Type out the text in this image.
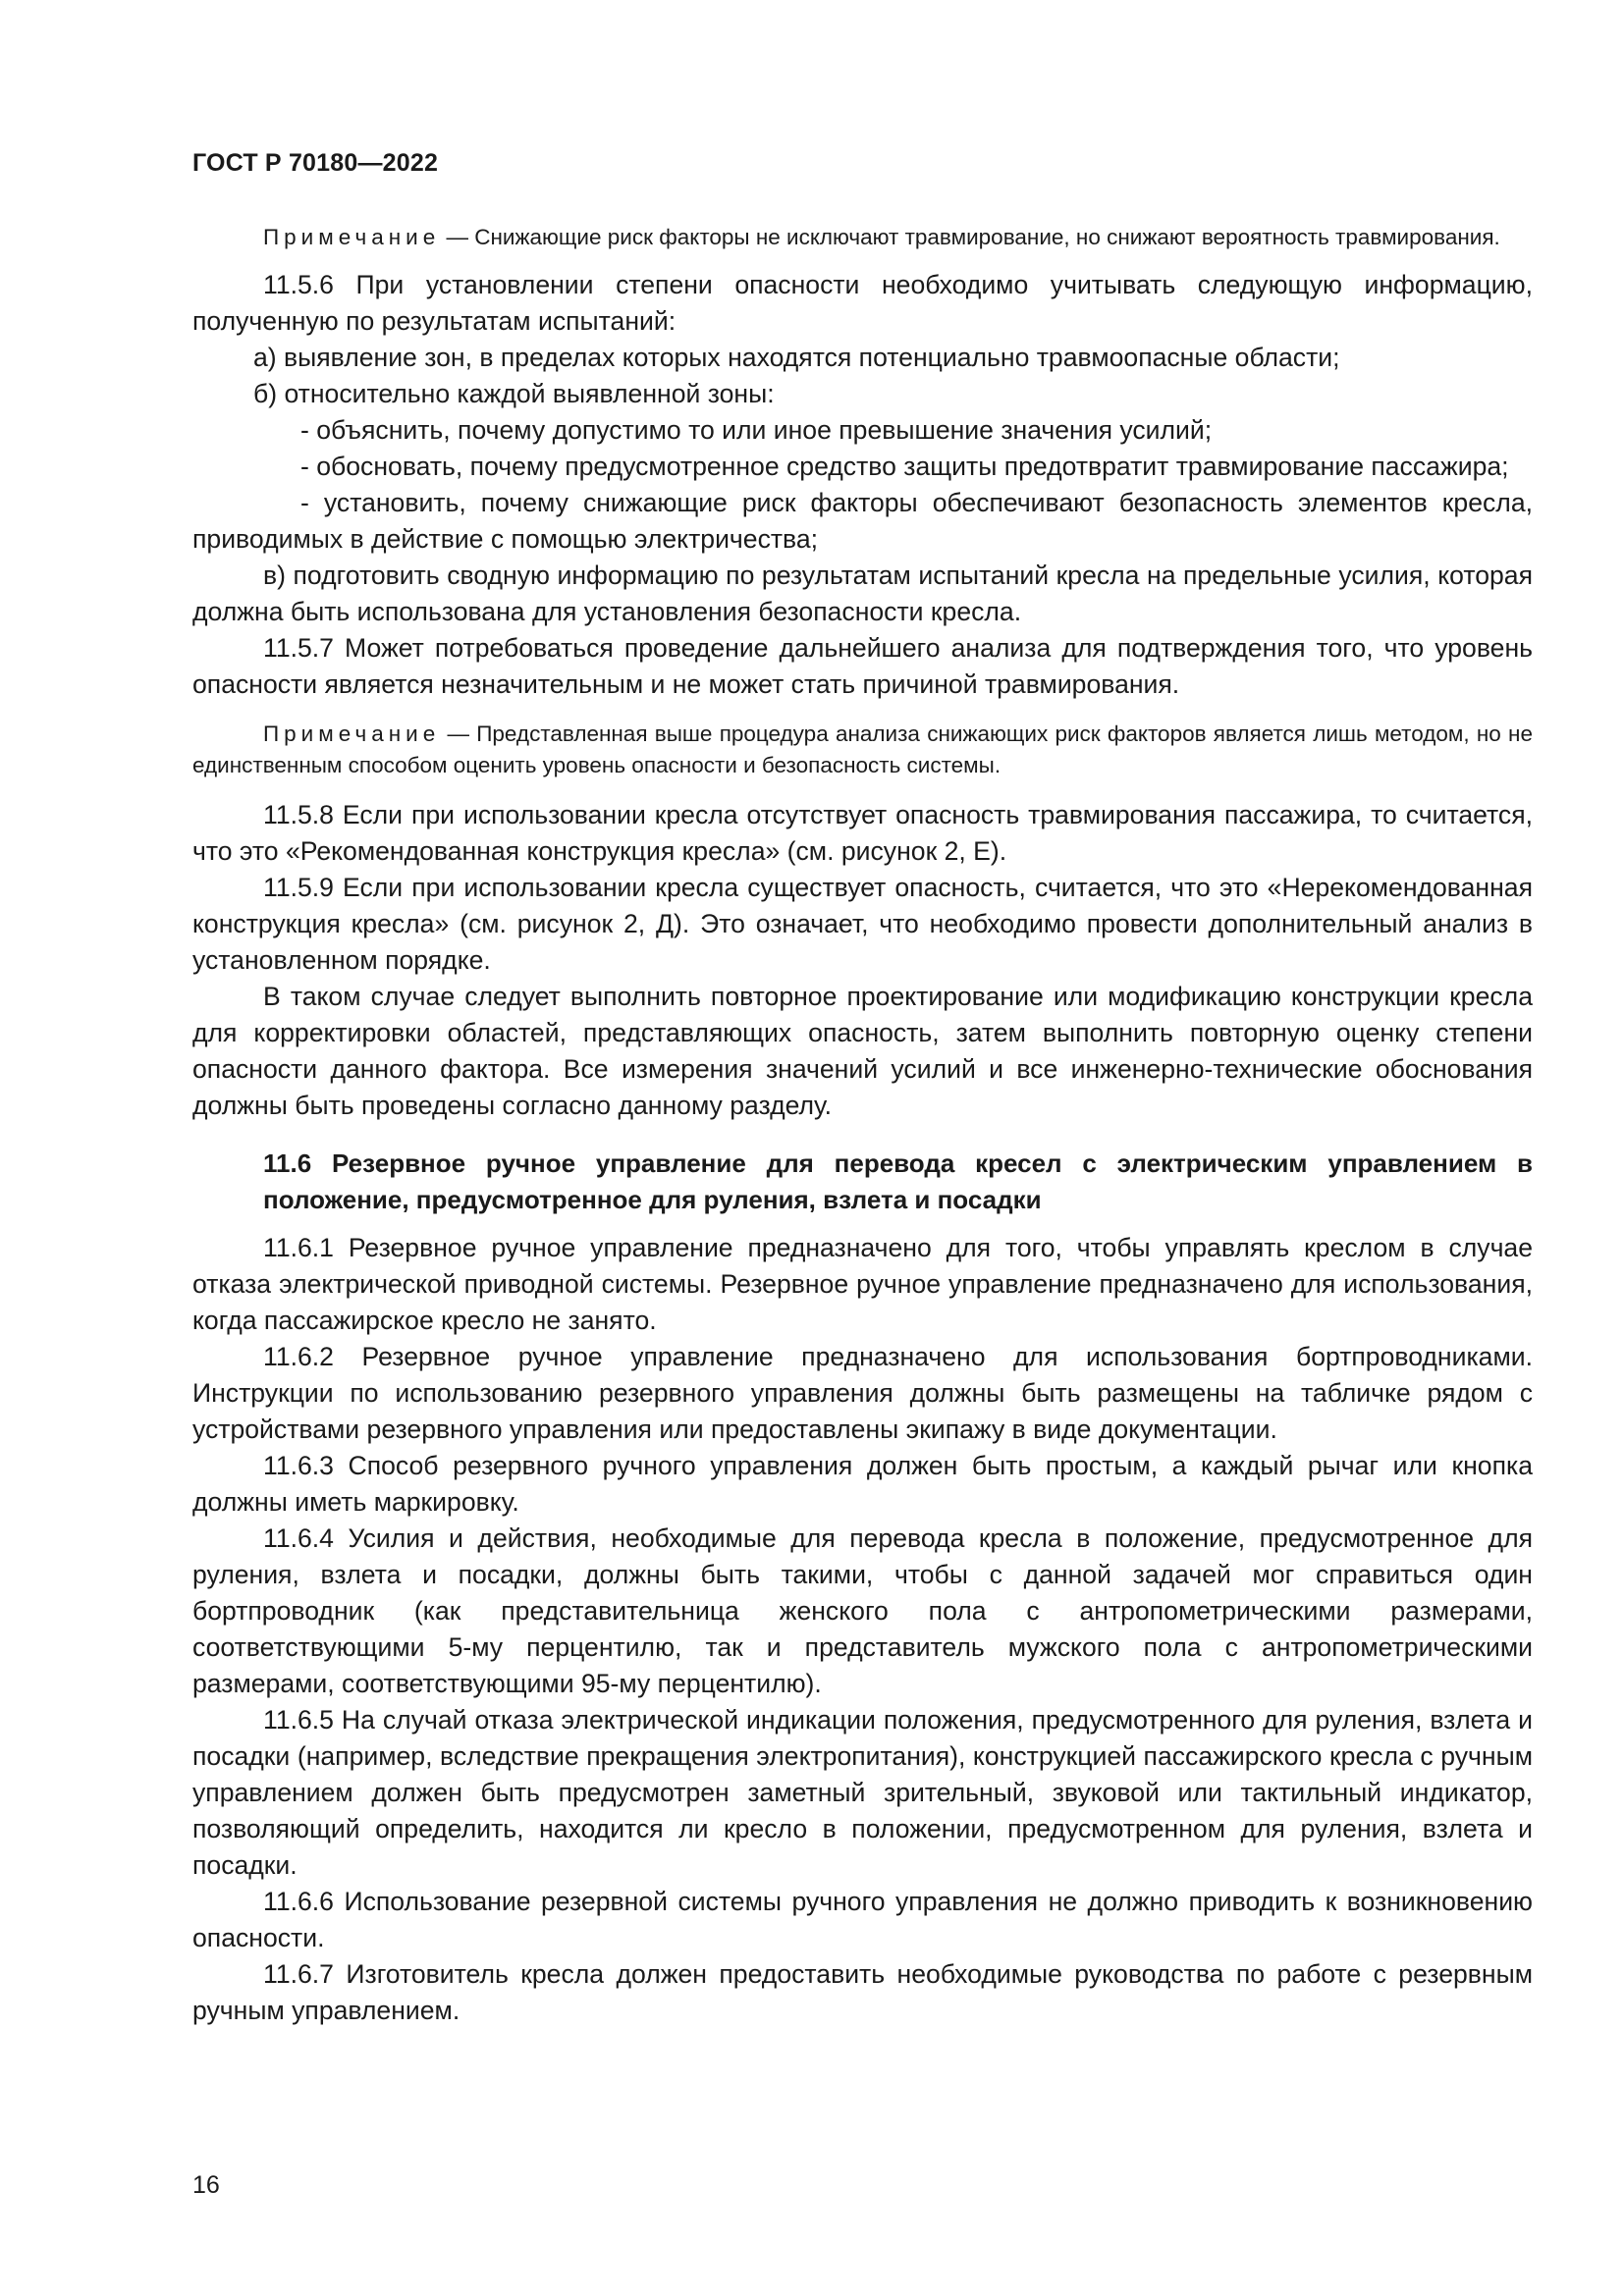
ГОСТ Р 70180—2022

Примечание — Снижающие риск факторы не исключают травмирование, но снижают вероятность травмирования.

11.5.6 При установлении степени опасности необходимо учитывать следующую информацию, полученную по результатам испытаний:

а) выявление зон, в пределах которых находятся потенциально травмоопасные области;

б) относительно каждой выявленной зоны:

- объяснить, почему допустимо то или иное превышение значения усилий;

- обосновать, почему предусмотренное средство защиты предотвратит травмирование пассажира;

- установить, почему снижающие риск факторы обеспечивают безопасность элементов кресла, приводимых в действие с помощью электричества;

в) подготовить сводную информацию по результатам испытаний кресла на предельные усилия, которая должна быть использована для установления безопасности кресла.

11.5.7 Может потребоваться проведение дальнейшего анализа для подтверждения того, что уровень опасности является незначительным и не может стать причиной травмирования.

Примечание — Представленная выше процедура анализа снижающих риск факторов является лишь методом, но не единственным способом оценить уровень опасности и безопасность системы.

11.5.8 Если при использовании кресла отсутствует опасность травмирования пассажира, то считается, что это «Рекомендованная конструкция кресла» (см. рисунок 2, Е).

11.5.9 Если при использовании кресла существует опасность, считается, что это «Нерекомендованная конструкция кресла» (см. рисунок 2, Д). Это означает, что необходимо провести дополнительный анализ в установленном порядке.

В таком случае следует выполнить повторное проектирование или модификацию конструкции кресла для корректировки областей, представляющих опасность, затем выполнить повторную оценку степени опасности данного фактора. Все измерения значений усилий и все инженерно-технические обоснования должны быть проведены согласно данному разделу.

11.6 Резервное ручное управление для перевода кресел с электрическим управлением в положение, предусмотренное для руления, взлета и посадки

11.6.1 Резервное ручное управление предназначено для того, чтобы управлять креслом в случае отказа электрической приводной системы. Резервное ручное управление предназначено для использования, когда пассажирское кресло не занято.

11.6.2 Резервное ручное управление предназначено для использования бортпроводниками. Инструкции по использованию резервного управления должны быть размещены на табличке рядом с устройствами резервного управления или предоставлены экипажу в виде документации.

11.6.3 Способ резервного ручного управления должен быть простым, а каждый рычаг или кнопка должны иметь маркировку.

11.6.4 Усилия и действия, необходимые для перевода кресла в положение, предусмотренное для руления, взлета и посадки, должны быть такими, чтобы с данной задачей мог справиться один бортпроводник (как представительница женского пола с антропометрическими размерами, соответствующими 5-му перцентилю, так и представитель мужского пола с антропометрическими размерами, соответствующими 95-му перцентилю).

11.6.5 На случай отказа электрической индикации положения, предусмотренного для руления, взлета и посадки (например, вследствие прекращения электропитания), конструкцией пассажирского кресла с ручным управлением должен быть предусмотрен заметный зрительный, звуковой или тактильный индикатор, позволяющий определить, находится ли кресло в положении, предусмотренном для руления, взлета и посадки.

11.6.6 Использование резервной системы ручного управления не должно приводить к возникновению опасности.

11.6.7 Изготовитель кресла должен предоставить необходимые руководства по работе с резервным ручным управлением.

16
